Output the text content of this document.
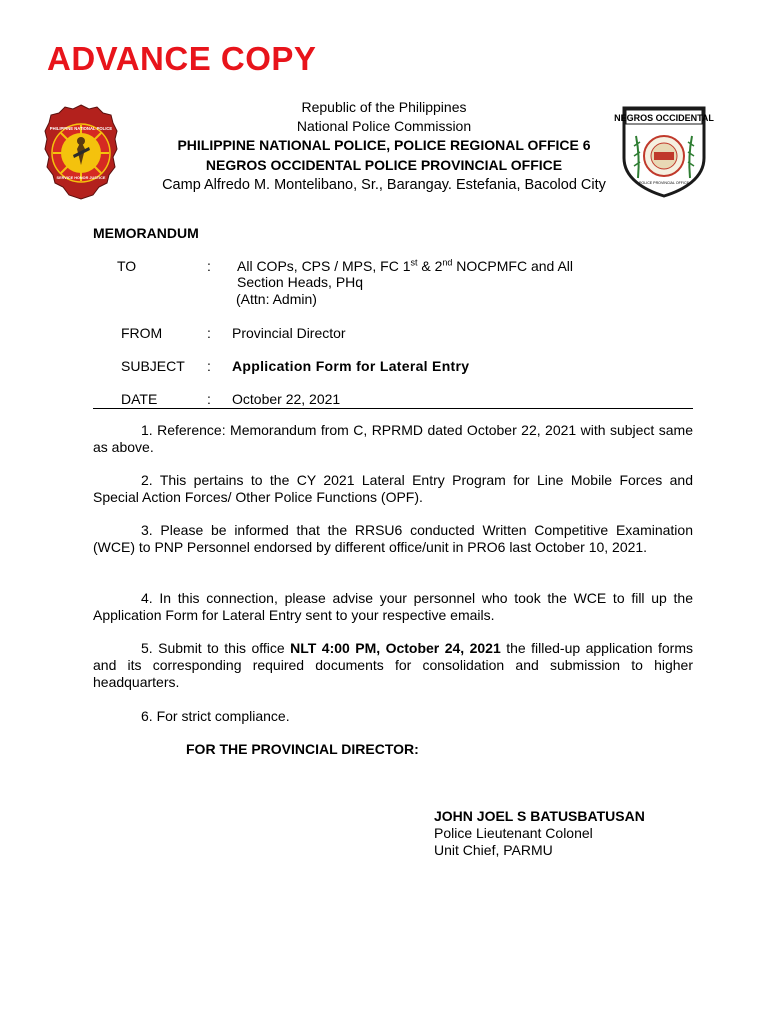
ADVANCE COPY
PHILIPPINE NATIONAL POLICE
SERVICE HONOR JUSTICE
NEGROS OCCIDENTAL
POLICE PROVINCIAL OFFICE
Republic of the Philippines
National Police Commission
PHILIPPINE NATIONAL POLICE, POLICE REGIONAL OFFICE 6
NEGROS OCCIDENTAL POLICE PROVINCIAL OFFICE
Camp Alfredo M. Montelibano, Sr., Barangay. Estefania, Bacolod City
MEMORANDUM
TO	: All COPs, CPS / MPS, FC 1st & 2nd NOCPMFC and All
Section Heads, PHq
(Attn: Admin)
FROM	: Provincial Director
SUBJECT : Application Form for Lateral Entry
DATE	: October 22, 2021

1. Reference: Memorandum from C, RPRMD dated October 22, 2021 with subject same as above.

2. This pertains to the CY 2021 Lateral Entry Program for Line Mobile Forces and Special Action Forces/ Other Police Functions (OPF).

3. Please be informed that the RRSU6 conducted Written Competitive Examination (WCE) to PNP Personnel endorsed by different office/unit in PRO6 last October 10, 2021.

4. In this connection, please advise your personnel who took the WCE to fill up the Application Form for Lateral Entry sent to your respective emails.

5. Submit to this office NLT 4:00 PM, October 24, 2021 the filled-up application forms and its corresponding required documents for consolidation and submission to higher headquarters.

6. For strict compliance.

FOR THE PROVINCIAL DIRECTOR:
JOHN JOEL S BATUSBATUSAN
Police Lieutenant Colonel
Unit Chief, PARMU
